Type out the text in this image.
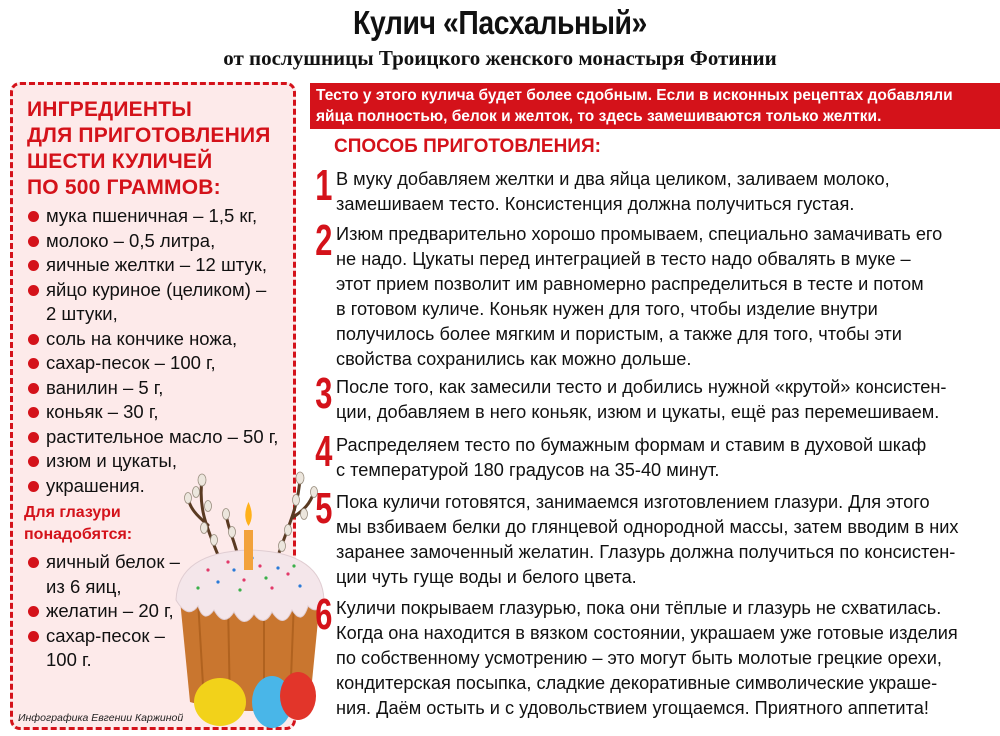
Кулич «Пасхальный»
от послушницы Троицкого женского монастыря Фотинии
ИНГРЕДИЕНТЫ
ДЛЯ ПРИГОТОВЛЕНИЯ
ШЕСТИ КУЛИЧЕЙ
ПО 500 ГРАММОВ:
мука пшеничная – 1,5 кг,
молоко – 0,5 литра,
яичные желтки – 12 штук,
яйцо куриное (целиком) –
2 штуки,
соль на кончике ножа,
сахар-песок – 100 г,
ванилин – 5 г,
коньяк – 30 г,
растительное масло – 50 г,
изюм и цукаты,
украшения.
Для глазури
понадобятся:
яичный белок –
из 6 яиц,
желатин – 20 г,
сахар-песок –
100 г.
Инфографика Евгении Каржиной
Тесто у этого кулича будет более сдобным. Если в исконных рецептах добавляли
яйца полностью, белок и желток, то здесь замешиваются только желтки.
СПОСОБ ПРИГОТОВЛЕНИЯ:
1 В муку добавляем желтки и два яйца целиком, заливаем молоко,
замешиваем тесто. Консистенция должна получиться густая.
2 Изюм предварительно хорошо промываем, специально замачивать его
не надо. Цукаты перед интеграцией в тесто надо обвалять в муке –
этот прием позволит им равномерно распределиться в тесте и потом
в готовом куличе. Коньяк нужен для того, чтобы изделие внутри
получилось более мягким и пористым, а также для того, чтобы эти
свойства сохранились как можно дольше.
3 После того, как замесили тесто и добились нужной «крутой» консистен-
ции, добавляем в него коньяк, изюм и цукаты, ещё раз перемешиваем.
4 Распределяем тесто по бумажным формам и ставим в духовой шкаф
с температурой 180 градусов на 35-40 минут.
5 Пока куличи готовятся, занимаемся изготовлением глазури. Для этого
мы взбиваем белки до глянцевой однородной массы, затем вводим в них
заранее замоченный желатин. Глазурь должна получиться по консистен-
ции чуть гуще воды и белого цвета.
6 Куличи покрываем глазурью, пока они тёплые и глазурь не схватилась.
Когда она находится в вязком состоянии, украшаем уже готовые изделия
по собственному усмотрению – это могут быть молотые грецкие орехи,
кондитерская посыпка, сладкие декоративные символические украше-
ния. Даём остыть и с удовольствием угощаемся. Приятного аппетита!
